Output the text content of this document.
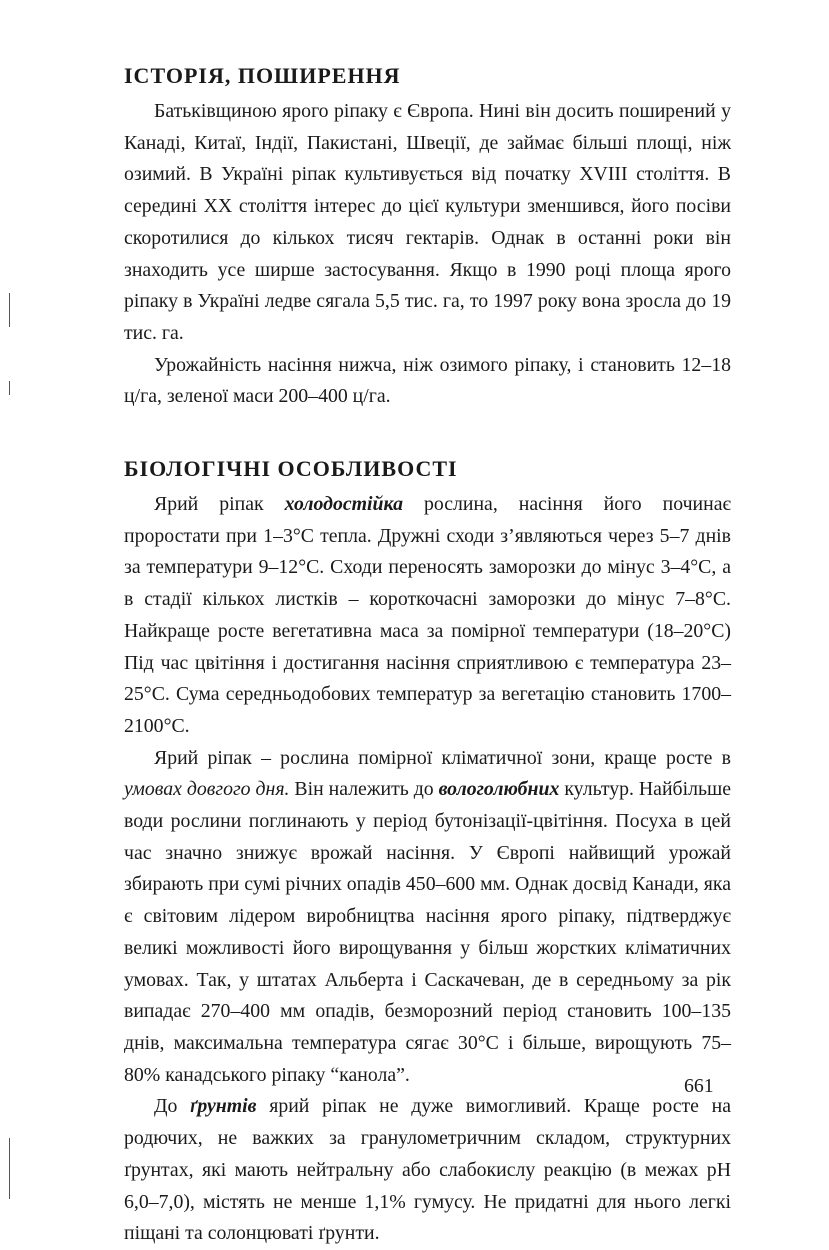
ІСТОРІЯ, ПОШИРЕННЯ

Батьківщиною ярого ріпаку є Європа. Нині він досить поширений у Канаді, Китаї, Індії, Пакистані, Швеції, де займає більші площі, ніж озимий. В Україні ріпак культивується від початку XVIII століття. В середині XX століття інтерес до цієї культури зменшився, його посіви скоротилися до кількох тисяч гектарів. Однак в останні роки він знаходить усе ширше застосування. Якщо в 1990 році площа ярого ріпаку в Україні ледве сягала 5,5 тис. га, то 1997 року вона зросла до 19 тис. га.

Урожайність насіння нижча, ніж озимого ріпаку, і становить 12–18 ц/га, зеленої маси 200–400 ц/га.

БІОЛОГІЧНІ ОСОБЛИВОСТІ

Ярий ріпак холодостійка рослина, насіння його починає проростати при 1–3°С тепла. Дружні сходи з’являються через 5–7 днів за температури 9–12°С. Сходи переносять заморозки до мінус 3–4°С, а в стадії кількох листків – короткочасні заморозки до мінус 7–8°С. Найкраще росте вегетативна маса за помірної температури (18–20°С) Під час цвітіння і достигання насіння сприятливою є температура 23–25°С. Сума середньодобових температур за вегетацію становить 1700–2100°С.

Ярий ріпак – рослина помірної кліматичної зони, краще росте в умовах довгого дня. Він належить до вологолюбних культур. Найбільше води рослини поглинають у період бутонізації-цвітіння. Посуха в цей час значно знижує врожай насіння. У Європі найвищий урожай збирають при сумі річних опадів 450–600 мм. Однак досвід Канади, яка є світовим лідером виробництва насіння ярого ріпаку, підтверджує великі можливості його вирощування у більш жорстких кліматичних умовах. Так, у штатах Альберта і Саскачеван, де в середньому за рік випадає 270–400 мм опадів, безморозний період становить 100–135 днів, максимальна температура сягає 30°С і більше, вирощують 75–80% канадського ріпаку “канола”.

До ґрунтів ярий ріпак не дуже вимогливий. Краще росте на родючих, не важких за гранулометричним складом, структурних ґрунтах, які мають нейтральну або слабокислу реакцію (в межах pH 6,0–7,0), містять не менше 1,1% гумусу. Не придатні для нього легкі піщані та солонцюваті ґрунти.

661
